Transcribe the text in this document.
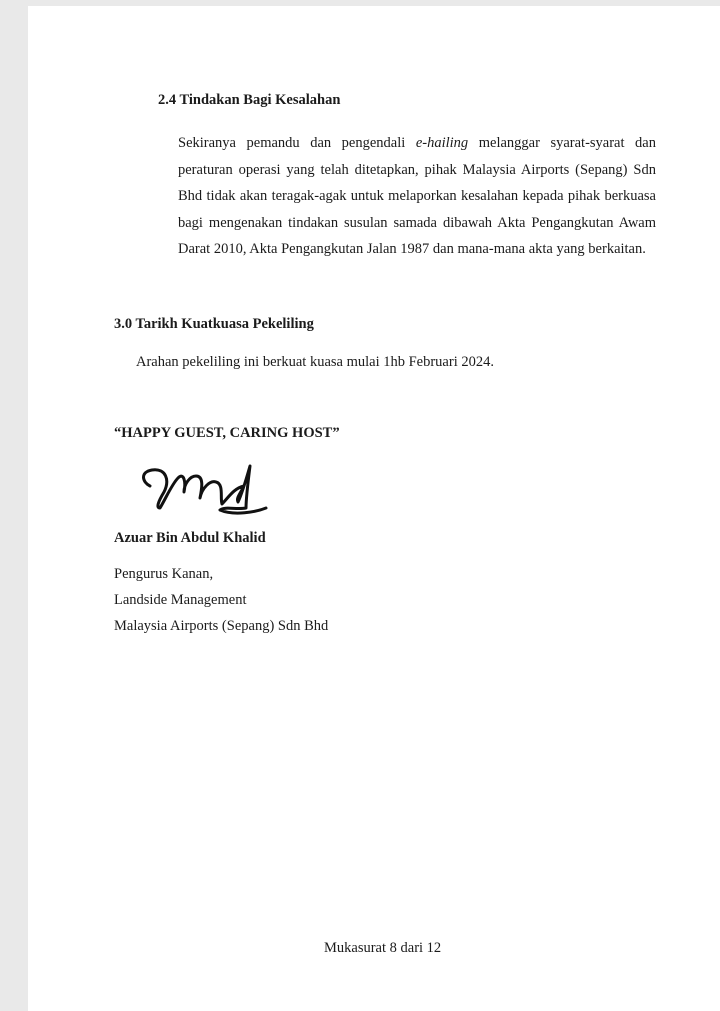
2.4 Tindakan Bagi Kesalahan

Sekiranya pemandu dan pengendali e-hailing melanggar syarat-syarat dan peraturan operasi yang telah ditetapkan, pihak Malaysia Airports (Sepang) Sdn Bhd tidak akan teragak-agak untuk melaporkan kesalahan kepada pihak berkuasa bagi mengenakan tindakan susulan samada dibawah Akta Pengangkutan Awam Darat 2010, Akta Pengangkutan Jalan 1987 dan mana-mana akta yang berkaitan.

3.0 Tarikh Kuatkuasa Pekeliling

Arahan pekeliling ini berkuat kuasa mulai 1hb Februari 2024.

“HAPPY GUEST, CARING HOST”

Azuar Bin Abdul Khalid

Pengurus Kanan,

Landside Management

Malaysia Airports (Sepang) Sdn Bhd

Mukasurat 8 dari 12
